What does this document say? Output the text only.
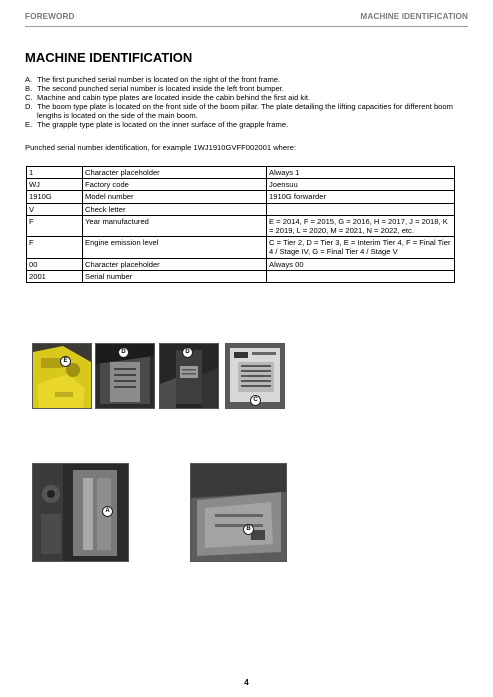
FOREWORD	MACHINE IDENTIFICATION
MACHINE IDENTIFICATION
A. The first punched serial number is located on the right of the front frame.
B. The second punched serial number is located inside the left front bumper.
C. Machine and cabin type plates are located inside the cabin behind the first aid kit.
D. The boom type plate is located on the front side of the boom pillar. The plate detailing the lifting capacities for different boom lengths is located on the side of the main boom.
E. The grapple type plate is located on the inner surface of the grapple frame.
Punched serial number identification, for example 1WJ1910GVFF002001 where:
1	Character placeholder	Always 1
WJ	Factory code	Joensuu
1910G	Model number	1910G forwarder
V	Check letter	
F	Year manufactured	E = 2014, F = 2015, G = 2016, H = 2017, J = 2018, K = 2019, L = 2020, M = 2021, N = 2022, etc.
F	Engine emission level	C = Tier 2, D = Tier 3, E = Interim Tier 4, F = Final Tier 4 / Stage IV, G = Final Tier 4 / Stage V
00	Character placeholder	Always 00
2001	Serial number	
E
D	D
C
A
B
4
